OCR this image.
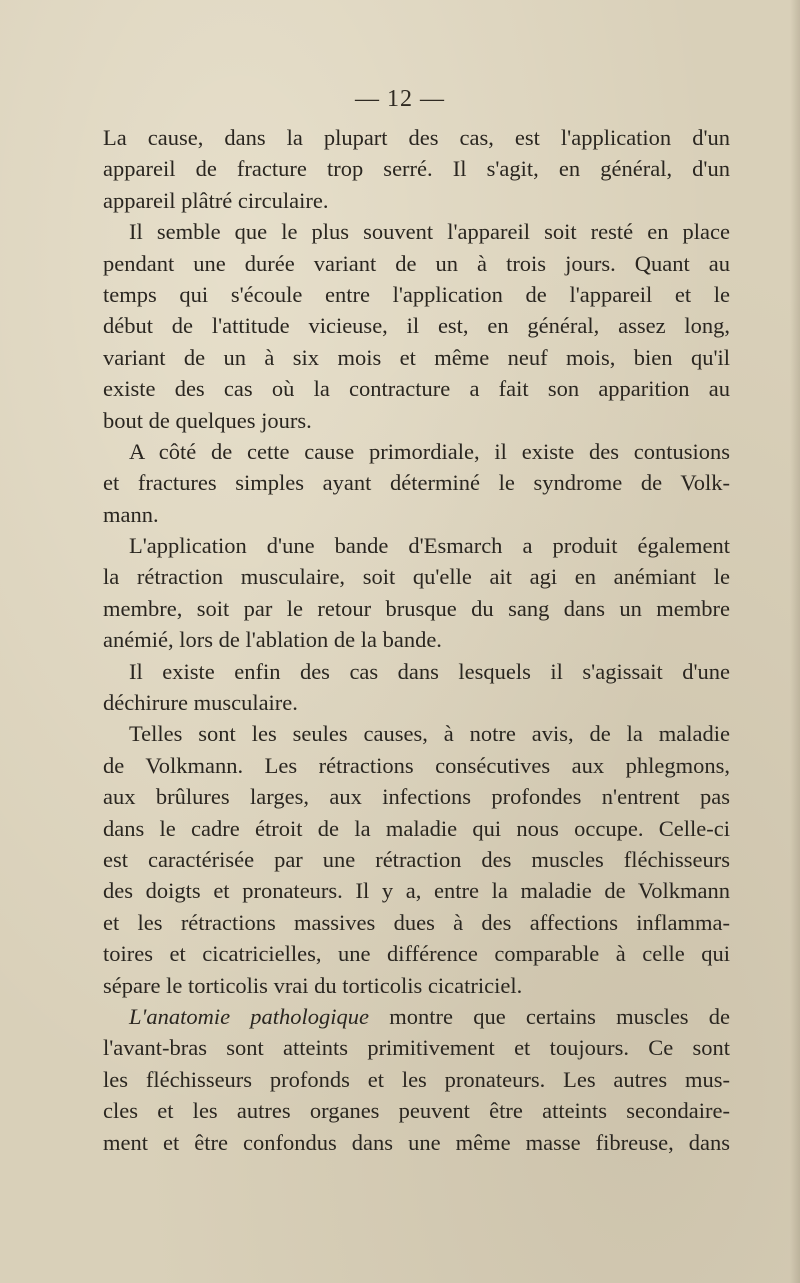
— 12 —
La cause, dans la plupart des cas, est l'application d'un
appareil de fracture trop serré. Il s'agit, en général, d'un
appareil plâtré circulaire.
Il semble que le plus souvent l'appareil soit resté en place
pendant une durée variant de un à trois jours. Quant au
temps qui s'écoule entre l'application de l'appareil et le
début de l'attitude vicieuse, il est, en général, assez long,
variant de un à six mois et même neuf mois, bien qu'il
existe des cas où la contracture a fait son apparition au
bout de quelques jours.
A côté de cette cause primordiale, il existe des contusions
et fractures simples ayant déterminé le syndrome de Volk-
mann.
L'application d'une bande d'Esmarch a produit également
la rétraction musculaire, soit qu'elle ait agi en anémiant le
membre, soit par le retour brusque du sang dans un membre
anémié, lors de l'ablation de la bande.
Il existe enfin des cas dans lesquels il s'agissait d'une
déchirure musculaire.
Telles sont les seules causes, à notre avis, de la maladie
de Volkmann. Les rétractions consécutives aux phlegmons,
aux brûlures larges, aux infections profondes n'entrent pas
dans le cadre étroit de la maladie qui nous occupe. Celle-ci
est caractérisée par une rétraction des muscles fléchisseurs
des doigts et pronateurs. Il y a, entre la maladie de Volkmann
et les rétractions massives dues à des affections inflamma-
toires et cicatricielles, une différence comparable à celle qui
sépare le torticolis vrai du torticolis cicatriciel.
L'anatomie pathologique montre que certains muscles de
l'avant-bras sont atteints primitivement et toujours. Ce sont
les fléchisseurs profonds et les pronateurs. Les autres mus-
cles et les autres organes peuvent être atteints secondaire-
ment et être confondus dans une même masse fibreuse, dans
